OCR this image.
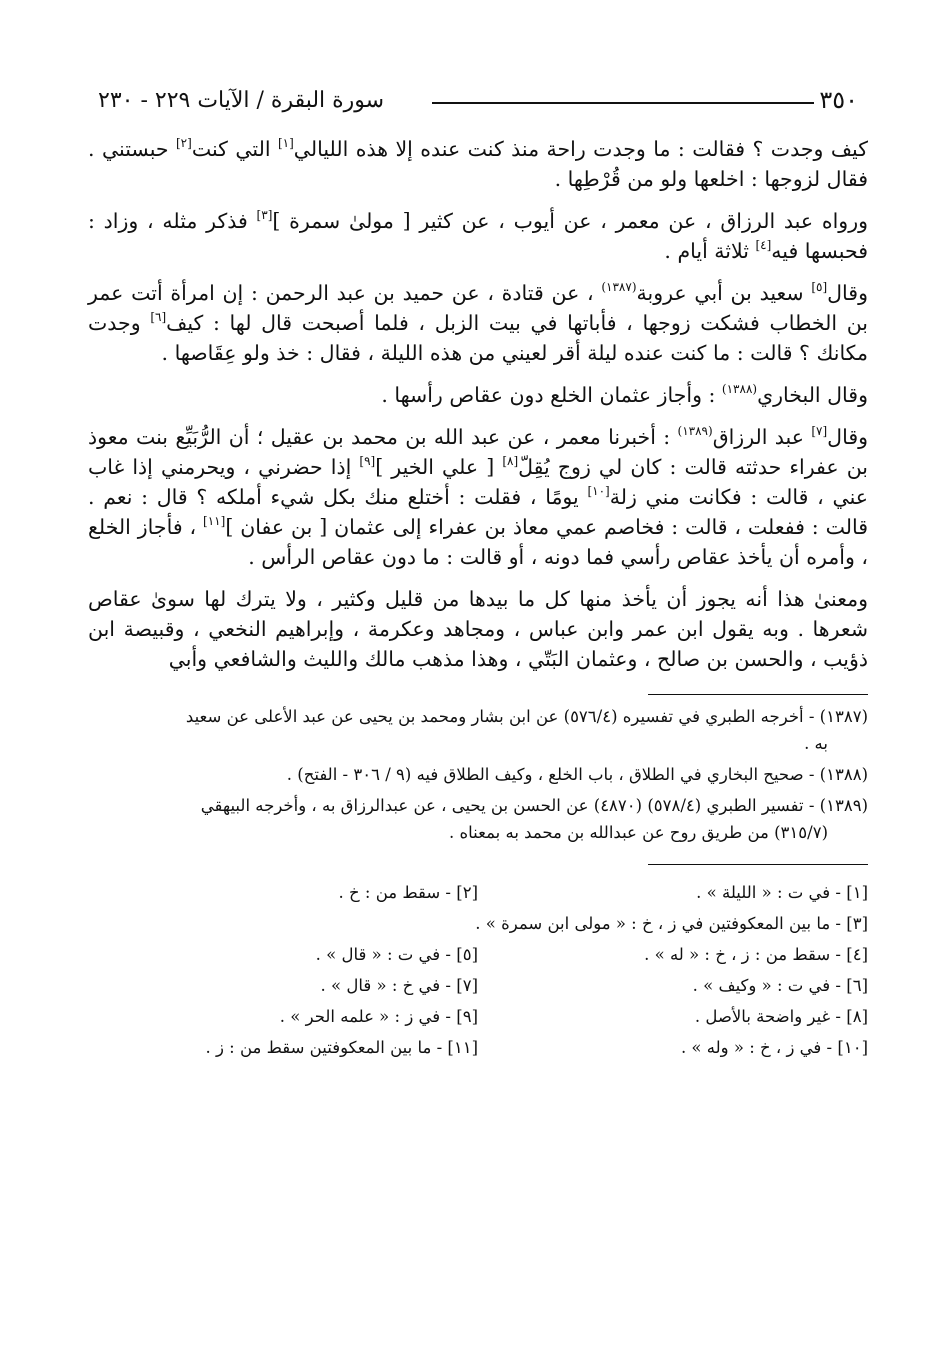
٣٥٠
سورة البقرة / الآيات ٢٢٩ - ٢٣٠

كيف وجدت ؟ فقالت : ما وجدت راحة منذ كنت عنده إلا هذه الليالي[١] التي كنت[٢] حبستني . فقال لزوجها : اخلعها ولو من قُرْطِها .

ورواه عبد الرزاق ، عن معمر ، عن أيوب ، عن كثير [ مولىٰ سمرة ][٣] فذكر مثله ، وزاد : فحبسها فيه[٤] ثلاثة أيام .

وقال[٥] سعيد بن أبي عروبة$^{(١٣٨٧)}$ ، عن قتادة ، عن حميد بن عبد الرحمن : إن امرأة أتت عمر بن الخطاب فشكت زوجها ، فأباتها في بيت الزبل ، فلما أصبحت قال لها : كيف[٦] وجدت مكانك ؟ قالت : ما كنت عنده ليلة أقر لعيني من هذه الليلة ، فقال : خذ ولو عِقَاصها .

وقال البخاري$^{(١٣٨٨)}$ : وأجاز عثمان الخلع دون عقاص رأسها .

وقال[٧] عبد الرزاق$^{(١٣٨٩)}$ : أخبرنا معمر ، عن عبد الله بن محمد بن عقيل ؛ أن الرُّبَيِّع بنت معوذ بن عفراء حدثته قالت : كان لي زوج يُقِلّ[٨] [ علي الخير ][٩] إذا حضرني ، ويحرمني إذا غاب عني ، قالت : فكانت مني زلة[١٠] يومًا ، فقلت : أختلع منك بكل شيء أملكه ؟ قال : نعم . قالت : ففعلت ، قالت : فخاصم عمي معاذ بن عفراء إلى عثمان [ بن عفان ][١١] ، فأجاز الخلع ، وأمره أن يأخذ عقاص رأسي فما دونه ، أو قالت : ما دون عقاص الرأس .

ومعنىٰ هذا أنه يجوز أن يأخذ منها كل ما بيدها من قليل وكثير ، ولا يترك لها سوىٰ عقاص شعرها . وبه يقول ابن عمر وابن عباس ، ومجاهد وعكرمة ، وإبراهيم النخعي ، وقبيصة ابن ذؤيب ، والحسن بن صالح ، وعثمان البَتّي ، وهذا مذهب مالك والليث والشافعي وأبي

(١٣٨٧) - أخرجه الطبري في تفسيره (٥٧٦/٤) عن ابن بشار ومحمد بن يحيى عن عبد الأعلى عن سعيد
به .
(١٣٨٨) - صحيح البخاري في الطلاق ، باب الخلع ، وكيف الطلاق فيه (٩ / ٣٠٦ - الفتح) .
(١٣٨٩) - تفسير الطبري (٥٧٨/٤) (٤٨٧٠) عن الحسن بن يحيى ، عن عبدالرزاق به ، وأخرجه البيهقي
(٣١٥/٧) من طريق روح عن عبدالله بن محمد به بمعناه .
[١] - في ت : « الليلة » .
[٢] - سقط من : خ .
[٣] - ما بين المعكوفتين في ز ، خ : « مولى ابن سمرة » .
[٤] - سقط من : ز ، خ : « له » .
[٥] - في ت : « قال » .
[٦] - في ت : « وكيف » .
[٧] - في خ : « قال » .
[٨] - غير واضحة بالأصل .
[٩] - في ز : « علمه الحر » .
[١٠] - في ز ، خ : « وله » .
[١١] - ما بين المعكوفتين سقط من : ز .
